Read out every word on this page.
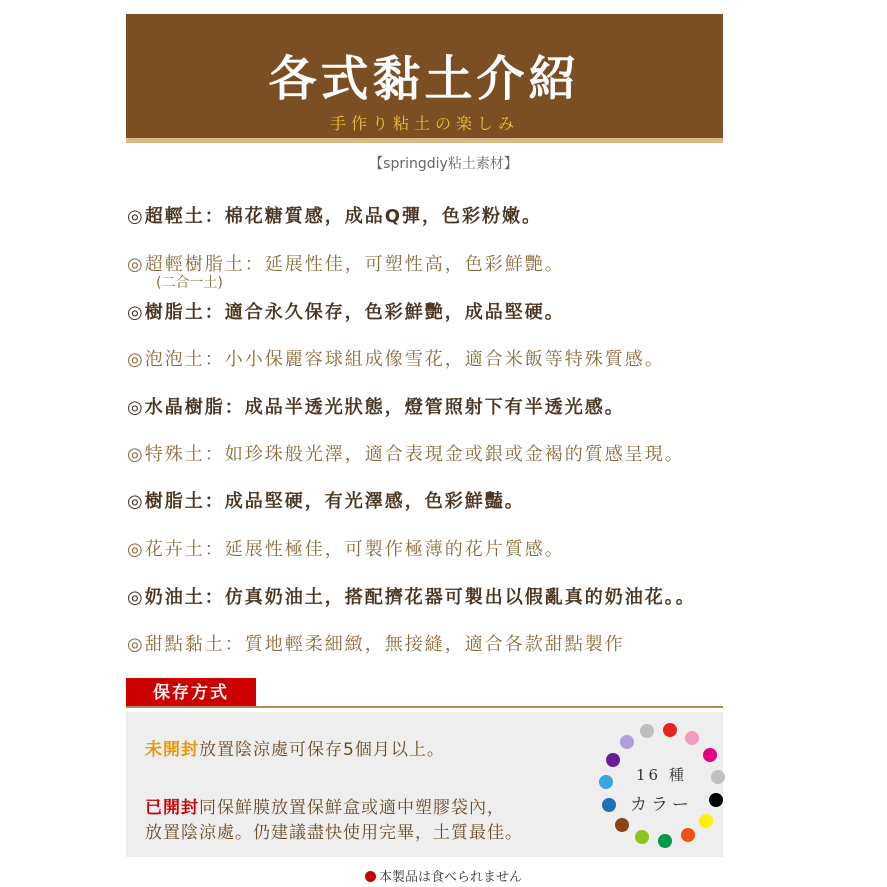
各式黏土介紹
手作り粘土の楽しみ
【springdiy粘土素材】
◎超輕土：棉花糖質感，成品Q彈，色彩粉嫩。
◎超輕樹脂土：延展性佳，可塑性高，色彩鮮艷。
◎樹脂土：適合永久保存，色彩鮮艷，成品堅硬。
◎泡泡土：小小保麗容球組成像雪花，適合米飯等特殊質感。
◎水晶樹脂：成品半透光狀態，燈管照射下有半透光感。
◎特殊土：如珍珠般光澤，適合表現金或銀或金褐的質感呈現。
◎樹脂土：成品堅硬，有光澤感，色彩鮮豔。
◎花卉土：延展性極佳，可製作極薄的花片質感。
◎奶油土：仿真奶油土，搭配擠花器可製出以假亂真的奶油花。。
◎甜點黏土：質地輕柔細緻，無接縫，適合各款甜點製作
(二合一土)
保存方式
未開封放置陰涼處可保存5個月以上。
已開封同保鮮膜放置保鮮盒或適中塑膠袋內，
放置陰涼處。仍建議盡快使用完畢，土質最佳。
16 種
カラー
本製品は食べられません
